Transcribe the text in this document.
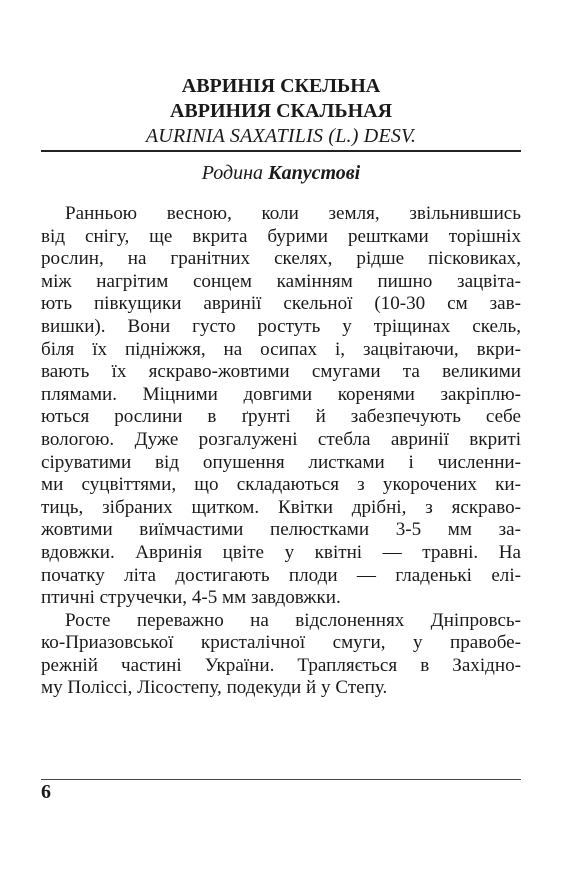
АВРИНІЯ СКЕЛЬНА
АВРИНИЯ СКАЛЬНАЯ
AURINIA SAXATILIS (L.) DESV.
Родина Капустові
Ранньою весною, коли земля, звільнившись
від снігу, ще вкрита бурими рештками торішніх
рослин, на гранітних скелях, рідше пісковиках,
між нагрітим сонцем камінням пишно зацвіта-
ють півкущики авринії скельної (10-30 см зав-
вишки). Вони густо ростуть у тріщинах скель,
біля їх підніжжя, на осипах і, зацвітаючи, вкри-
вають їх яскраво-жовтими смугами та великими
плямами. Міцними довгими коренями закріплю-
ються рослини в ґрунті й забезпечують себе
вологою. Дуже розгалужені стебла авринії вкриті
сіруватими від опушення листками і численни-
ми суцвіттями, що складаються з укорочених ки-
тиць, зібраних щитком. Квітки дрібні, з яскраво-
жовтими виїмчастими пелюстками 3-5 мм за-
вдовжки. Авринія цвіте у квітні — травні. На
початку літа достигають плоди — гладенькі елі-
птичні стручечки, 4-5 мм завдовжки.
Росте переважно на відслоненнях Дніпровсь-
ко-Приазовської кристалічної смуги, у правобе-
режній частині України. Трапляється в Західно-
му Поліссі, Лісостепу, подекуди й у Степу.
6
